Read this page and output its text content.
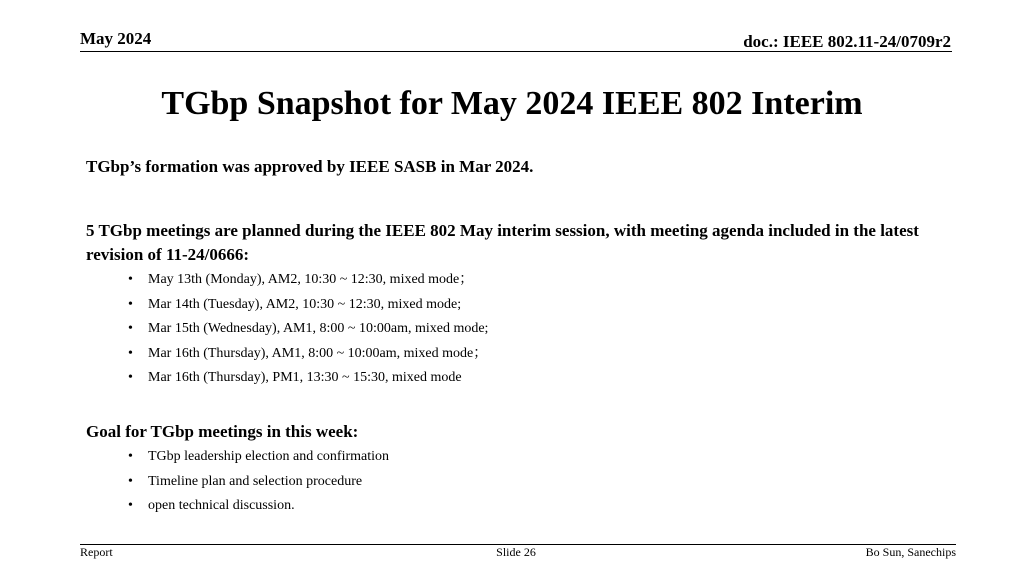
May 2024	doc.: IEEE 802.11-24/0709r2
TGbp Snapshot for May 2024 IEEE 802 Interim
TGbp’s formation was approved by IEEE SASB in Mar 2024.
5 TGbp meetings are planned during the IEEE 802 May interim session, with meeting agenda included in the latest revision of 11-24/0666:
• May 13th (Monday), AM2, 10:30 ~ 12:30, mixed mode；
• Mar 14th (Tuesday), AM2, 10:30 ~ 12:30, mixed mode;
• Mar 15th (Wednesday), AM1, 8:00 ~ 10:00am, mixed mode;
• Mar 16th (Thursday), AM1, 8:00 ~ 10:00am, mixed mode；
• Mar 16th (Thursday), PM1, 13:30 ~ 15:30, mixed mode
Goal for TGbp meetings in this week:
• TGbp leadership election and confirmation
• Timeline plan and selection procedure
• open technical discussion.
Report	Slide 26	Bo Sun, Sanechips
